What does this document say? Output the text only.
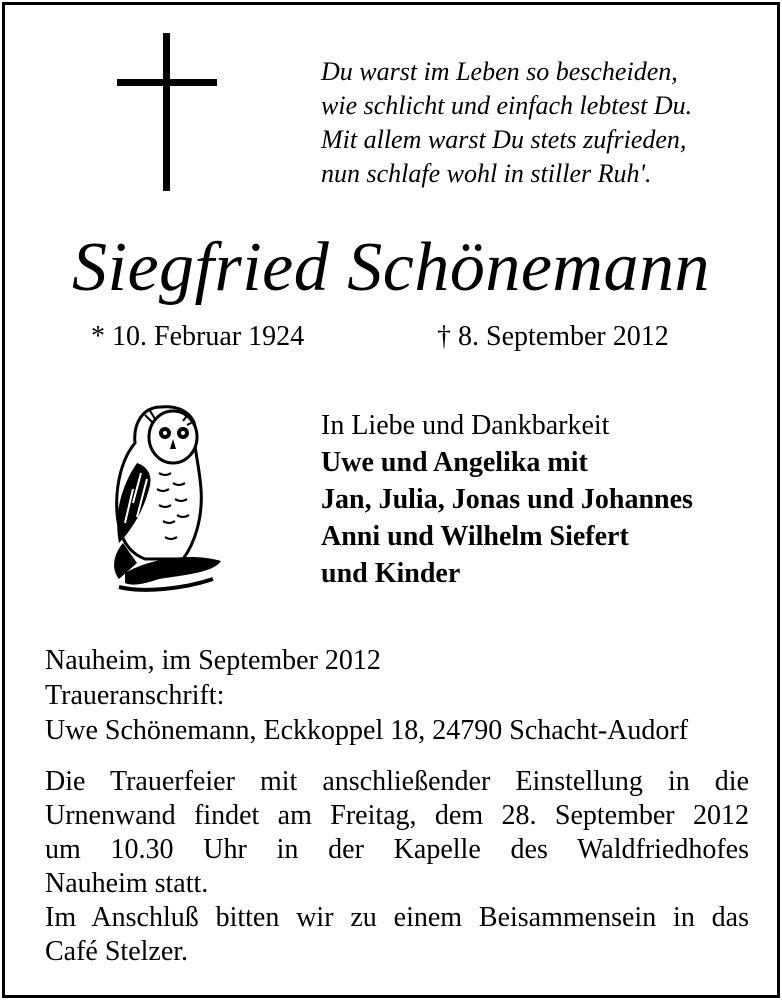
Du warst im Leben so bescheiden,
wie schlicht und einfach lebtest Du.
Mit allem warst Du stets zufrieden,
nun schlafe wohl in stiller Ruh'.
Siegfried Schönemann
* 10. Februar 1924	† 8. September 2012
In Liebe und Dankbarkeit
Uwe und Angelika mit
Jan, Julia, Jonas und Johannes
Anni und Wilhelm Siefert
und Kinder
Nauheim, im September 2012
Traueranschrift:
Uwe Schönemann, Eckkoppel 18, 24790 Schacht-Audorf
Die Trauerfeier mit anschließender Einstellung in die
Urnenwand findet am Freitag, dem 28. September 2012
um 10.30 Uhr in der Kapelle des Waldfriedhofes
Nauheim statt.
Im Anschluß bitten wir zu einem Beisammensein in das
Café Stelzer.
